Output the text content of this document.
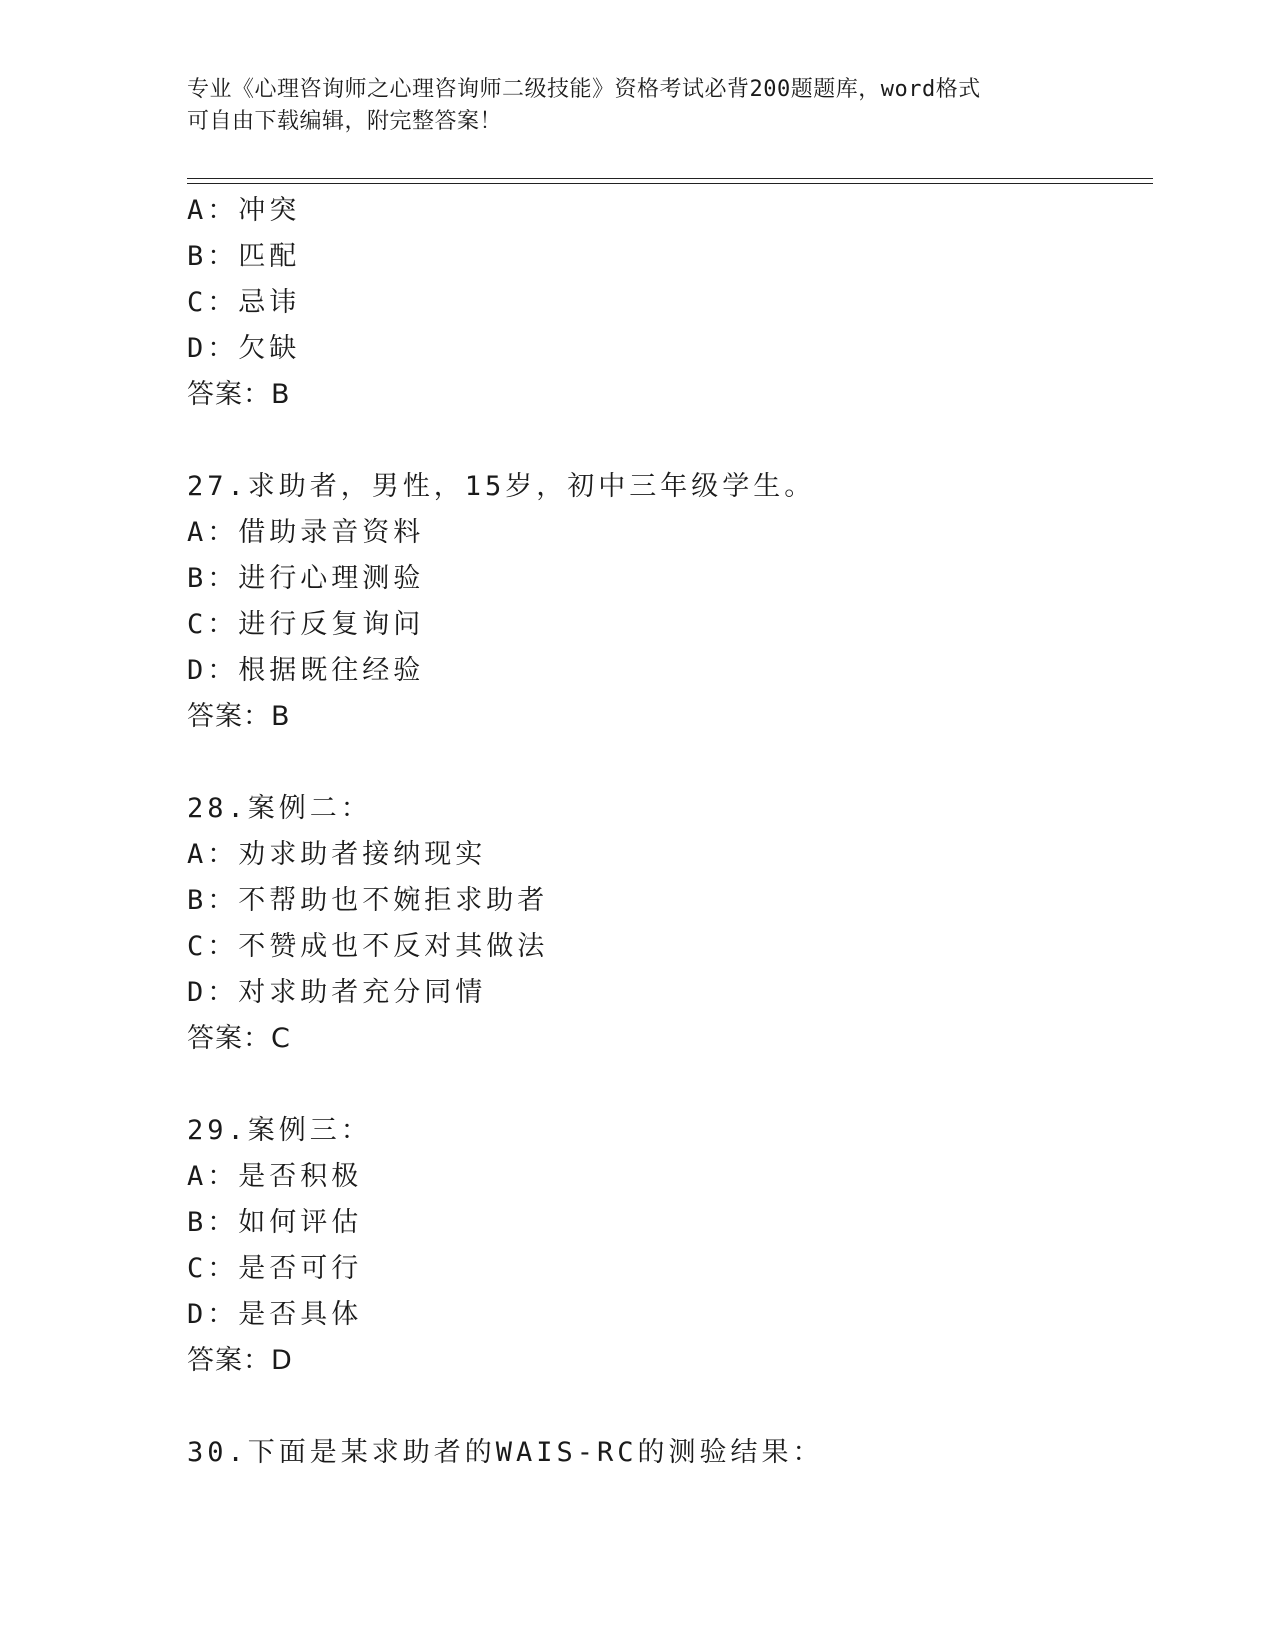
专业《心理咨询师之心理咨询师二级技能》资格考试必背200题题库，word格式
可自由下载编辑，附完整答案！
A：冲突
B：匹配
C：忌讳
D：欠缺
答案：B
27.求助者，男性，15岁，初中三年级学生。
A：借助录音资料
B：进行心理测验
C：进行反复询问
D：根据既往经验
答案：B
28.案例二：
A：劝求助者接纳现实
B：不帮助也不婉拒求助者
C：不赞成也不反对其做法
D：对求助者充分同情
答案：C
29.案例三：
A：是否积极
B：如何评估
C：是否可行
D：是否具体
答案：D
30.下面是某求助者的WAIS-RC的测验结果：
